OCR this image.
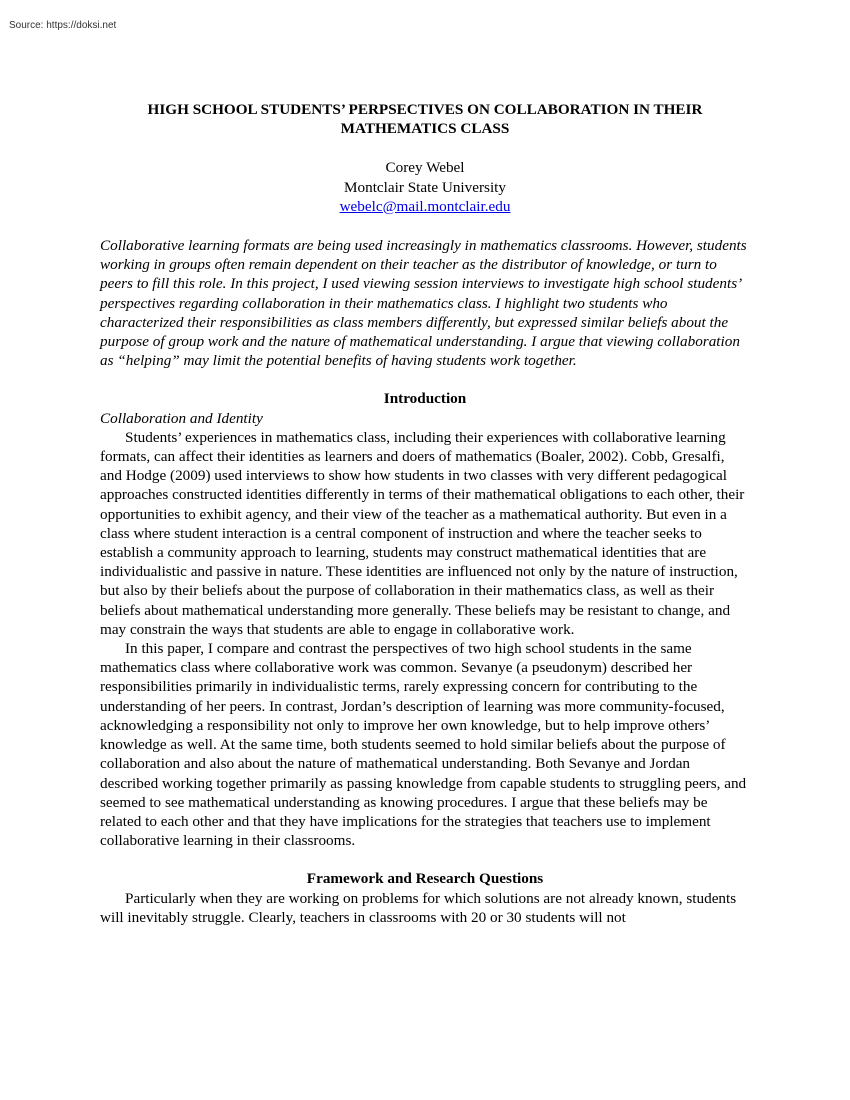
Source: https://doksi.net
HIGH SCHOOL STUDENTS’ PERPSECTIVES ON COLLABORATION IN THEIR MATHEMATICS CLASS
Corey Webel
Montclair State University
webelc@mail.montclair.edu

Collaborative learning formats are being used increasingly in mathematics classrooms. However, students working in groups often remain dependent on their teacher as the distributor of knowledge, or turn to peers to fill this role. In this project, I used viewing session interviews to investigate high school students’ perspectives regarding collaboration in their mathematics class. I highlight two students who characterized their responsibilities as class members differently, but expressed similar beliefs about the purpose of group work and the nature of mathematical understanding. I argue that viewing collaboration as “helping” may limit the potential benefits of having students work together.

Introduction
Collaboration and Identity

Students’ experiences in mathematics class, including their experiences with collaborative learning formats, can affect their identities as learners and doers of mathematics (Boaler, 2002). Cobb, Gresalfi, and Hodge (2009) used interviews to show how students in two classes with very different pedagogical approaches constructed identities differently in terms of their mathematical obligations to each other, their opportunities to exhibit agency, and their view of the teacher as a mathematical authority. But even in a class where student interaction is a central component of instruction and where the teacher seeks to establish a community approach to learning, students may construct mathematical identities that are individualistic and passive in nature. These identities are influenced not only by the nature of instruction, but also by their beliefs about the purpose of collaboration in their mathematics class, as well as their beliefs about mathematical understanding more generally. These beliefs may be resistant to change, and may constrain the ways that students are able to engage in collaborative work.

In this paper, I compare and contrast the perspectives of two high school students in the same mathematics class where collaborative work was common. Sevanye (a pseudonym) described her responsibilities primarily in individualistic terms, rarely expressing concern for contributing to the understanding of her peers. In contrast, Jordan’s description of learning was more community-focused, acknowledging a responsibility not only to improve her own knowledge, but to help improve others’ knowledge as well. At the same time, both students seemed to hold similar beliefs about the purpose of collaboration and also about the nature of mathematical understanding. Both Sevanye and Jordan described working together primarily as passing knowledge from capable students to struggling peers, and seemed to see mathematical understanding as knowing procedures. I argue that these beliefs may be related to each other and that they have implications for the strategies that teachers use to implement collaborative learning in their classrooms.

Framework and Research Questions

Particularly when they are working on problems for which solutions are not already known, students will inevitably struggle. Clearly, teachers in classrooms with 20 or 30 students will not
